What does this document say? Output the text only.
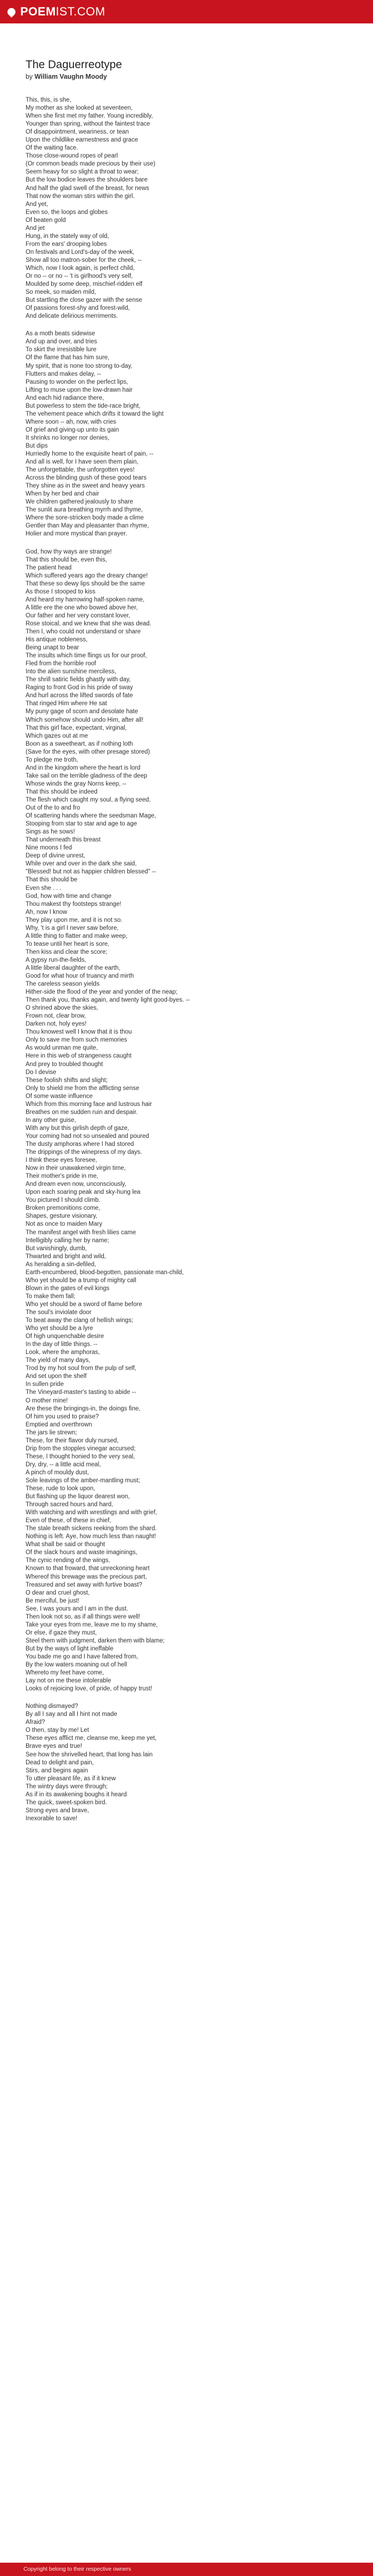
POEMIST.COM
The Daguerreotype
by William Vaughn Moody
This, this, is she,
My mother as she looked at seventeen,
When she first met my father. Young incredibly,
Younger than spring, without the faintest trace
Of disappointment, weariness, or tean
Upon the childlike earnestness and grace
Of the waiting face.
Those close-wound ropes of pearl
(Or common beads made precious by their use)
Seem heavy for so slight a throat to wear;
But the low bodice leaves the shoulders bare
And half the glad swell of the breast, for news
That now the woman stirs within the girl.
And yet,
Even so, the loops and globes
Of beaten gold
And jet
Hung, in the stately way of old,
From the ears' drooping lobes
On festivals and Lord's-day of the week,
Show all too matron-sober for the cheek, --
Which, now I look again, is perfect child,
Or no -- or no -- 't is girlhood's very self,
Moulded by some deep, mischief-ridden elf
So meek, so maiden mild,
But startling the close gazer with the sense
Of passions forest-shy and forest-wild,
And delicate delirious merriments.
As a moth beats sidewise
And up and over, and tries
To skirt the irresistible lure
Of the flame that has him sure,
My spirit, that is none too strong to-day,
Flutters and makes delay, --
Pausing to wonder on the perfect lips,
Lifting to muse upon the low-drawn hair
And each hid radiance there,
But powerless to stem the tide-race bright,
The vehement peace which drifts it toward the light
Where soon -- ah, now, with cries
Of grief and giving-up unto its gain
It shrinks no longer nor denies,
But dips
Hurriedly home to the exquisite heart of pain, --
And all is well, for I have seen them plain,
The unforgettable, the unforgotten eyes!
Across the blinding gush of these good tears
They shine as in the sweet and heavy years
When by her bed and chair
We children gathered jealously to share
The sunlit aura breathing myrrh and thyme,
Where the sore-stricken body made a clime
Gentler than May and pleasanter than rhyme,
Holier and more mystical than prayer.
God, how thy ways are strange!
That this should be, even this,
The patient head
Which suffered years ago the dreary change!
That these so dewy lips should be the same
As those I stooped to kiss
And heard my harrowing half-spoken name,
A little ere the one who bowed above her,
Our father and her very constant lover,
Rose stoical, and we knew that she was dead.
Then I, who could not understand or share
His antique nobleness,
Being unapt to bear
The insults which time flings us for our proof,
Fled from the horrible roof
Into the alien sunshine merciless,
The shrill satiric fields ghastly with day,
Raging to front God in his pride of sway
And hurl across the lifted swords of fate
That ringed Him where He sat
My puny gage of scorn and desolate hate
Which somehow should undo Him, after all!
That this girl face, expectant, virginal,
Which gazes out at me
Boon as a sweetheart, as if nothing loth
(Save for the eyes, with other presage stored)
To pledge me troth,
And in the kingdom where the heart is lord
Take sail on the terrible gladness of the deep
Whose winds the gray Norns keep, --
That this should be indeed
The flesh which caught my soul, a flying seed,
Out of the to and fro
Of scattering hands where the seedsman Mage,
Stooping from star to star and age to age
Sings as he sows!
That underneath this breast
Nine moons I fed
Deep of divine unrest,
While over and over in the dark she said,
"Blessed! but not as happier children blessed" --
That this should be
Even she . . .
God, how with time and change
Thou makest thy footsteps strange!
Ah, now I know
They play upon me, and it is not so.
Why, 't is a girl I never saw before,
A little thing to flatter and make weep,
To tease until her heart is sore,
Then kiss and clear the score;
A gypsy run-the-fields,
A little liberal daughter of the earth,
Good for what hour of truancy and mirth
The careless season yields
Hither-side the flood of the year and yonder of the neap;
Then thank you, thanks again, and twenty light good-byes. --
O shrined above the skies,
Frown not, clear brow,
Darken not, holy eyes!
Thou knowest well I know that it is thou
Only to save me from such memories
As would unman me quite,
Here in this web of strangeness caught
And prey to troubled thought
Do I devise
These foolish shifts and slight;
Only to shield me from the afflicting sense
Of some waste influence
Which from this morning face and lustrous hair
Breathes on me sudden ruin and despair.
In any other guise,
With any but this girlish depth of gaze,
Your coming had not so unsealed and poured
The dusty amphoras where I had stored
The drippings of the winepress of my days.
I think these eyes foresee,
Now in their unawakened virgin time,
Their mother's pride in me,
And dream even now, unconsciously,
Upon each soaring peak and sky-hung lea
You pictured I should climb.
Broken premonitions come,
Shapes, gesture visionary,
Not as once to maiden Mary
The manifest angel with fresh lilies came
Intelligibly calling her by name;
But vanishingly, dumb,
Thwarted and bright and wild,
As heralding a sin-defiled,
Earth-encumbered, blood-begotten, passionate man-child,
Who yet should be a trump of mighty call
Blown in the gates of evil kings
To make them fall;
Who yet should be a sword of flame before
The soul's inviolate door
To beat away the clang of hellish wings;
Who yet should be a lyre
Of high unquenchable desire
In the day of little things. --
Look, where the amphoras,
The yield of many days,
Trod by my hot soul from the pulp of self,
And set upon the shelf
In sullen pride
The Vineyard-master's tasting to abide --
O mother mine!
Are these the bringings-in, the doings fine,
Of him you used to praise?
Emptied and overthrown
The jars lie strewn;
These, for their flavor duly nursed,
Drip from the stopples vinegar accursed;
These, I thought honied to the very seal,
Dry, dry, -- a little acid meal,
A pinch of mouldy dust,
Sole leavings of the amber-mantling must;
These, rude to look upon,
But flashing up the liquor dearest won,
Through sacred hours and hard,
With watching and with wrestlings and with grief,
Even of these, of these in chief,
The stale breath sickens reeking from the shard.
Nothing is left. Aye, how much less than naught!
What shall be said or thought
Of the slack hours and waste imaginings,
The cynic rending of the wings,
Known to that froward, that unreckoning heart
Whereof this brewage was the precious part,
Treasured and set away with furtive boast?
O dear and cruel ghost,
Be merciful, be just!
See, I was yours and I am in the dust.
Then look not so, as if all things were well!
Take your eyes from me, leave me to my shame,
Or else, if gaze they must,
Steel them with judgment, darken them with blame;
But by the ways of light ineffable
You bade me go and I have faltered from,
By the low waters moaning out of hell
Whereto my feet have come,
Lay not on me these intolerable
Looks of rejoicing love, of pride, of happy trust!
Nothing dismayed?
By all I say and all I hint not made
Afraid?
O then, stay by me! Let
These eyes afflict me, cleanse me, keep me yet,
Brave eyes and true!
See how the shrivelled heart, that long has lain
Dead to delight and pain,
Stirs, and begins again
To utter pleasant life, as if it knew
The wintry days were through;
As if in its awakening boughs it heard
The quick, sweet-spoken bird.
Strong eyes and brave,
Inexorable to save!
Copyright belong to their respective owners
